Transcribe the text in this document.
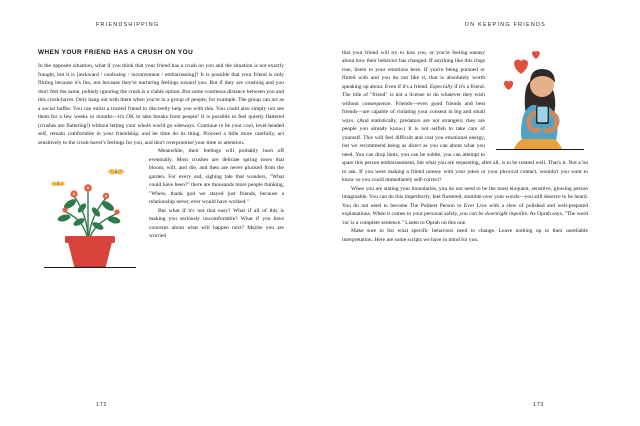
FRIENDSHIPPING
WHEN YOUR FRIEND HAS A CRUSH ON YOU

In the opposite situation, what if you think that your friend has a crush on you and the situation is not exactly fraught, but it is [awkward / confusing / inconvenient / embarrassing]? It is possible that your friend is only flirting because it's fun, not because they're nurturing feelings toward you. But if they are crushing and you don't feel the same, politely ignoring the crush is a viable option. But some courteous distance between you and this crush-haver. Only hang out with them when you're in a group of people, for example. The group can act as a social buffer. You can enlist a trusted friend to discreetly help you with this. You could also simply not see them for a few weeks or months—it's OK to take breaks from people! It is possible to feel quietly flattered (crushes are flattering!) without letting your whole world go sideways. Continue to be your cool, level-headed self, remain comfortable in your friendship, and let time do its thing. Proceed a little more carefully, act sensitively to the crush-haver's feelings for you, and don't overpromise your time or attention.

Meanwhile, their feelings will probably burn off eventually. Most crushes are delicate spring roses that bloom, wilt, and die, and then are never plucked from the garden. For every sad, sighing tale that wonders, "What could have been?" there are thousands more people thinking, "Whew, thank god we stayed just friends, because a relationship never, ever would have worked."

But what if it's not that easy? What if all of this is making you seriously uncomfortable? What if you have concerns about what will happen next? Maybe you are worried

172
ON KEEPING FRIENDS

that your friend will try to kiss you, or you're feeling uneasy about how their behavior has changed. If anything like this rings true, listen to your emotions here. If you're being pursued or flirted with and you do not like it, that is absolutely worth speaking up about. Even if it's a friend. Especially if it's a friend. The title of "friend" is not a license to do whatever they wish without consequence. Friends—even good friends and best friends—are capable of violating your consent in big and small ways. (And statistically, predators are not strangers; they are people you already know.) It is not selfish to take care of yourself. This will feel difficult and cost you emotional energy, but we recommend being as direct as you can about what you need. You can drop hints, you can be subtle, you can attempt to spare this person embarrassment, but what you are requesting, after all, is to be treated well. That's it. Not a lot to ask. If you were making a friend uneasy with your jokes or your physical contact, wouldn't you want to know so you could immediately self-correct?

When you are stating your boundaries, you do not need to be the most eloquent, sensitive, glowing person imaginable. You can do this imperfectly, feel flustered, stumble over your words—you still deserve to be heard. You do not need to become The Politest Person to Ever Live with a slew of polished and well-prepared explanations. When it comes to your personal safety, you can be downright impolite. As Oprah says, "The word 'no' is a complete sentence." Listen to Oprah on this one.

Make sure to list what specific behaviors need to change. Leave nothing up to their unreliable interpretation. Here are some scripts we have in mind for you.

173
